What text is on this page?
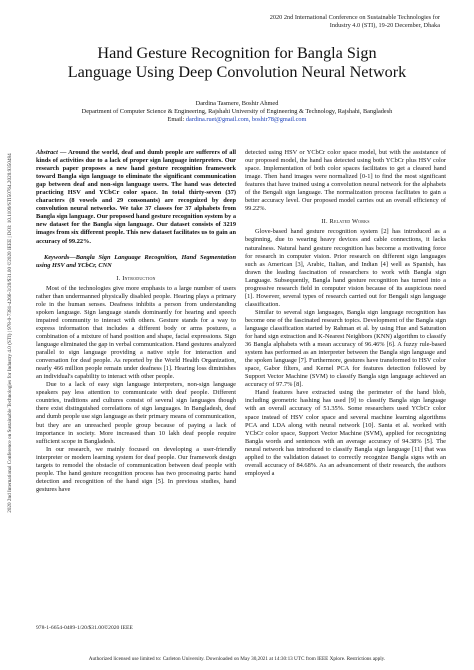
2020 2nd International Conference on Sustainable Technologies for
Industry 4.0 (STI), 19-20 December, Dhaka
2020 2nd International Conference on Sustainable Technologies for Industry 4.0 (STI) | 978-0-7381-4266-3/20/$31.00 ©2020 IEEE | DOI: 10.1109/STI50764.2020.9350484
Hand Gesture Recognition for Bangla Sign
Language Using Deep Convolution Neural Network
Dardina Tasmere, Boshir Ahmed
Department of Computer Science & Engineering, Rajshahi University of Engineering & Technology, Rajshahi, Bangladesh
Email: dardina.ruet@gmail.com, boshir78@gmail.com

Abstract — Around the world, deaf and dumb people are sufferers of all kinds of activities due to a lack of proper sign language interpreters. Our research paper proposes a new hand gesture recognition framework toward Bangla sign language to eliminate the significant communication gap between deaf and non-sign language users. The hand was detected practicing HSV and YCbCr color space. In total thirty-seven (37) characters (8 vowels and 29 consonants) are recognized by deep convolution neural networks. We take 37 classes for 37 alphabets from Bangla sign language. Our proposed hand gesture recognition system by a new dataset for the Bangla sign language. Our dataset consists of 3219 images from six different people. This new dataset facilitates us to gain an accuracy of 99.22%.

Keywords—Bangla Sign Language Recognition, Hand Segmentation using HSV and YCbCr, CNN

I. Introduction

Most of the technologies give more emphasis to a large number of users rather than undermanned physically disabled people. Hearing plays a primary role in the human senses. Deafness inhibits a person from understanding spoken language. Sign language stands dominantly for hearing and speech impaired community to interact with others. Gesture stands for a way to express information that includes a different body or arms postures, a combination of a mixture of hand position and shape, facial expressions. Sign language eliminated the gap in verbal communication. Hand gestures analyzed parallel to sign language providing a native style for interaction and conversation for deaf people. As reported by the World Health Organization, nearly 466 million people remain under deafness [1]. Hearing loss diminishes an individual's capability to interact with other people.

Due to a lack of easy sign language interpreters, non-sign language speakers pay less attention to communicate with deaf people. Different countries, traditions and cultures consist of several sign languages though there exist distinguished correlations of sign languages. In Bangladesh, deaf and dumb people use sign language as their primary means of communication, but they are an unreached people group because of paying a lack of importance in society. More increased than 10 lakh deaf people require sufficient scope in Bangladesh.

In our research, we mainly focused on developing a user-friendly interpreter or modern learning system for deaf people. Our framework design targets to remodel the obstacle of communication between deaf people with people. The hand gesture recognition process has two processing parts: hand detection and recognition of the hand sign [5]. In previous studies, hand gestures have

detected using HSV or YCbCr color space model, but with the assistance of our proposed model, the hand has detected using both YCbCr plus HSV color space. Implementation of both color spaces facilitates to get a cleared hand image. Then hand images were normalized [0-1] to find the most significant features that have trained using a convolution neural network for the alphabets of the Bengali sign language. The normalization process facilitates to gain a better accuracy level. Our proposed model carries out an overall efficiency of 99.22%.

II. Related Works

Glove-based hand gesture recognition system [2] has introduced as a beginning, due to wearing heavy devices and cable connections, it lacks naturalness. Natural hand gesture recognition has become a motivating force for research in computer vision. Prior research on different sign languages such as American [3], Arabic, Italian, and Indian [4] well as Spanish, has drawn the leading fascination of researchers to work with Bangla sign Language. Subsequently, Bangla hand gesture recognition has turned into a progressive research field in computer vision because of its auspicious need [1]. However, several types of research carried out for Bengali sign language classification.

Similar to several sign languages, Bangla sign language recognition has become one of the fascinated research topics. Development of the Bangla sign language classification started by Rahman et al. by using Hue and Saturation for hand sign extraction and K-Nearest Neighbors (KNN) algorithm to classify 36 Bangla alphabets with a mean accuracy of 96.46% [6]. A fuzzy rule-based system has performed as an interpreter between the Bangla sign language and the spoken language [7]. Furthermore, gestures have transformed to HSV color space, Gabor filters, and Kernel PCA for features detection followed by Support Vector Machine (SVM) to classify Bangla sign language achieved an accuracy of 97.7% [8].

Hand features have extracted using the perimeter of the hand blob, including geometric hashing has used [9] to classify Bangla sign language with an overall accuracy of 51.35%. Some researchers used YCbCr color space instead of HSV color space and several machine learning algorithms PCA and LDA along with neural network [10]. Santa et al. worked with YCbCr color space, Support Vector Machine (SVM), applied for recognizing Bangla words and sentences with an average accuracy of 94.38% [5]. The neural network has introduced to classify Bangla sign language [11] that was applied to the validation dataset to correctly recognize Bangla signs with an overall accuracy of 84.68%. As an advancement of their research, the authors employed a

978-1-6654-0489-1/20/$31.00©2020 IEEE
Authorized licensed use limited to: Carleton University. Downloaded on May 30,2021 at 14:30:13 UTC from IEEE Xplore. Restrictions apply.
